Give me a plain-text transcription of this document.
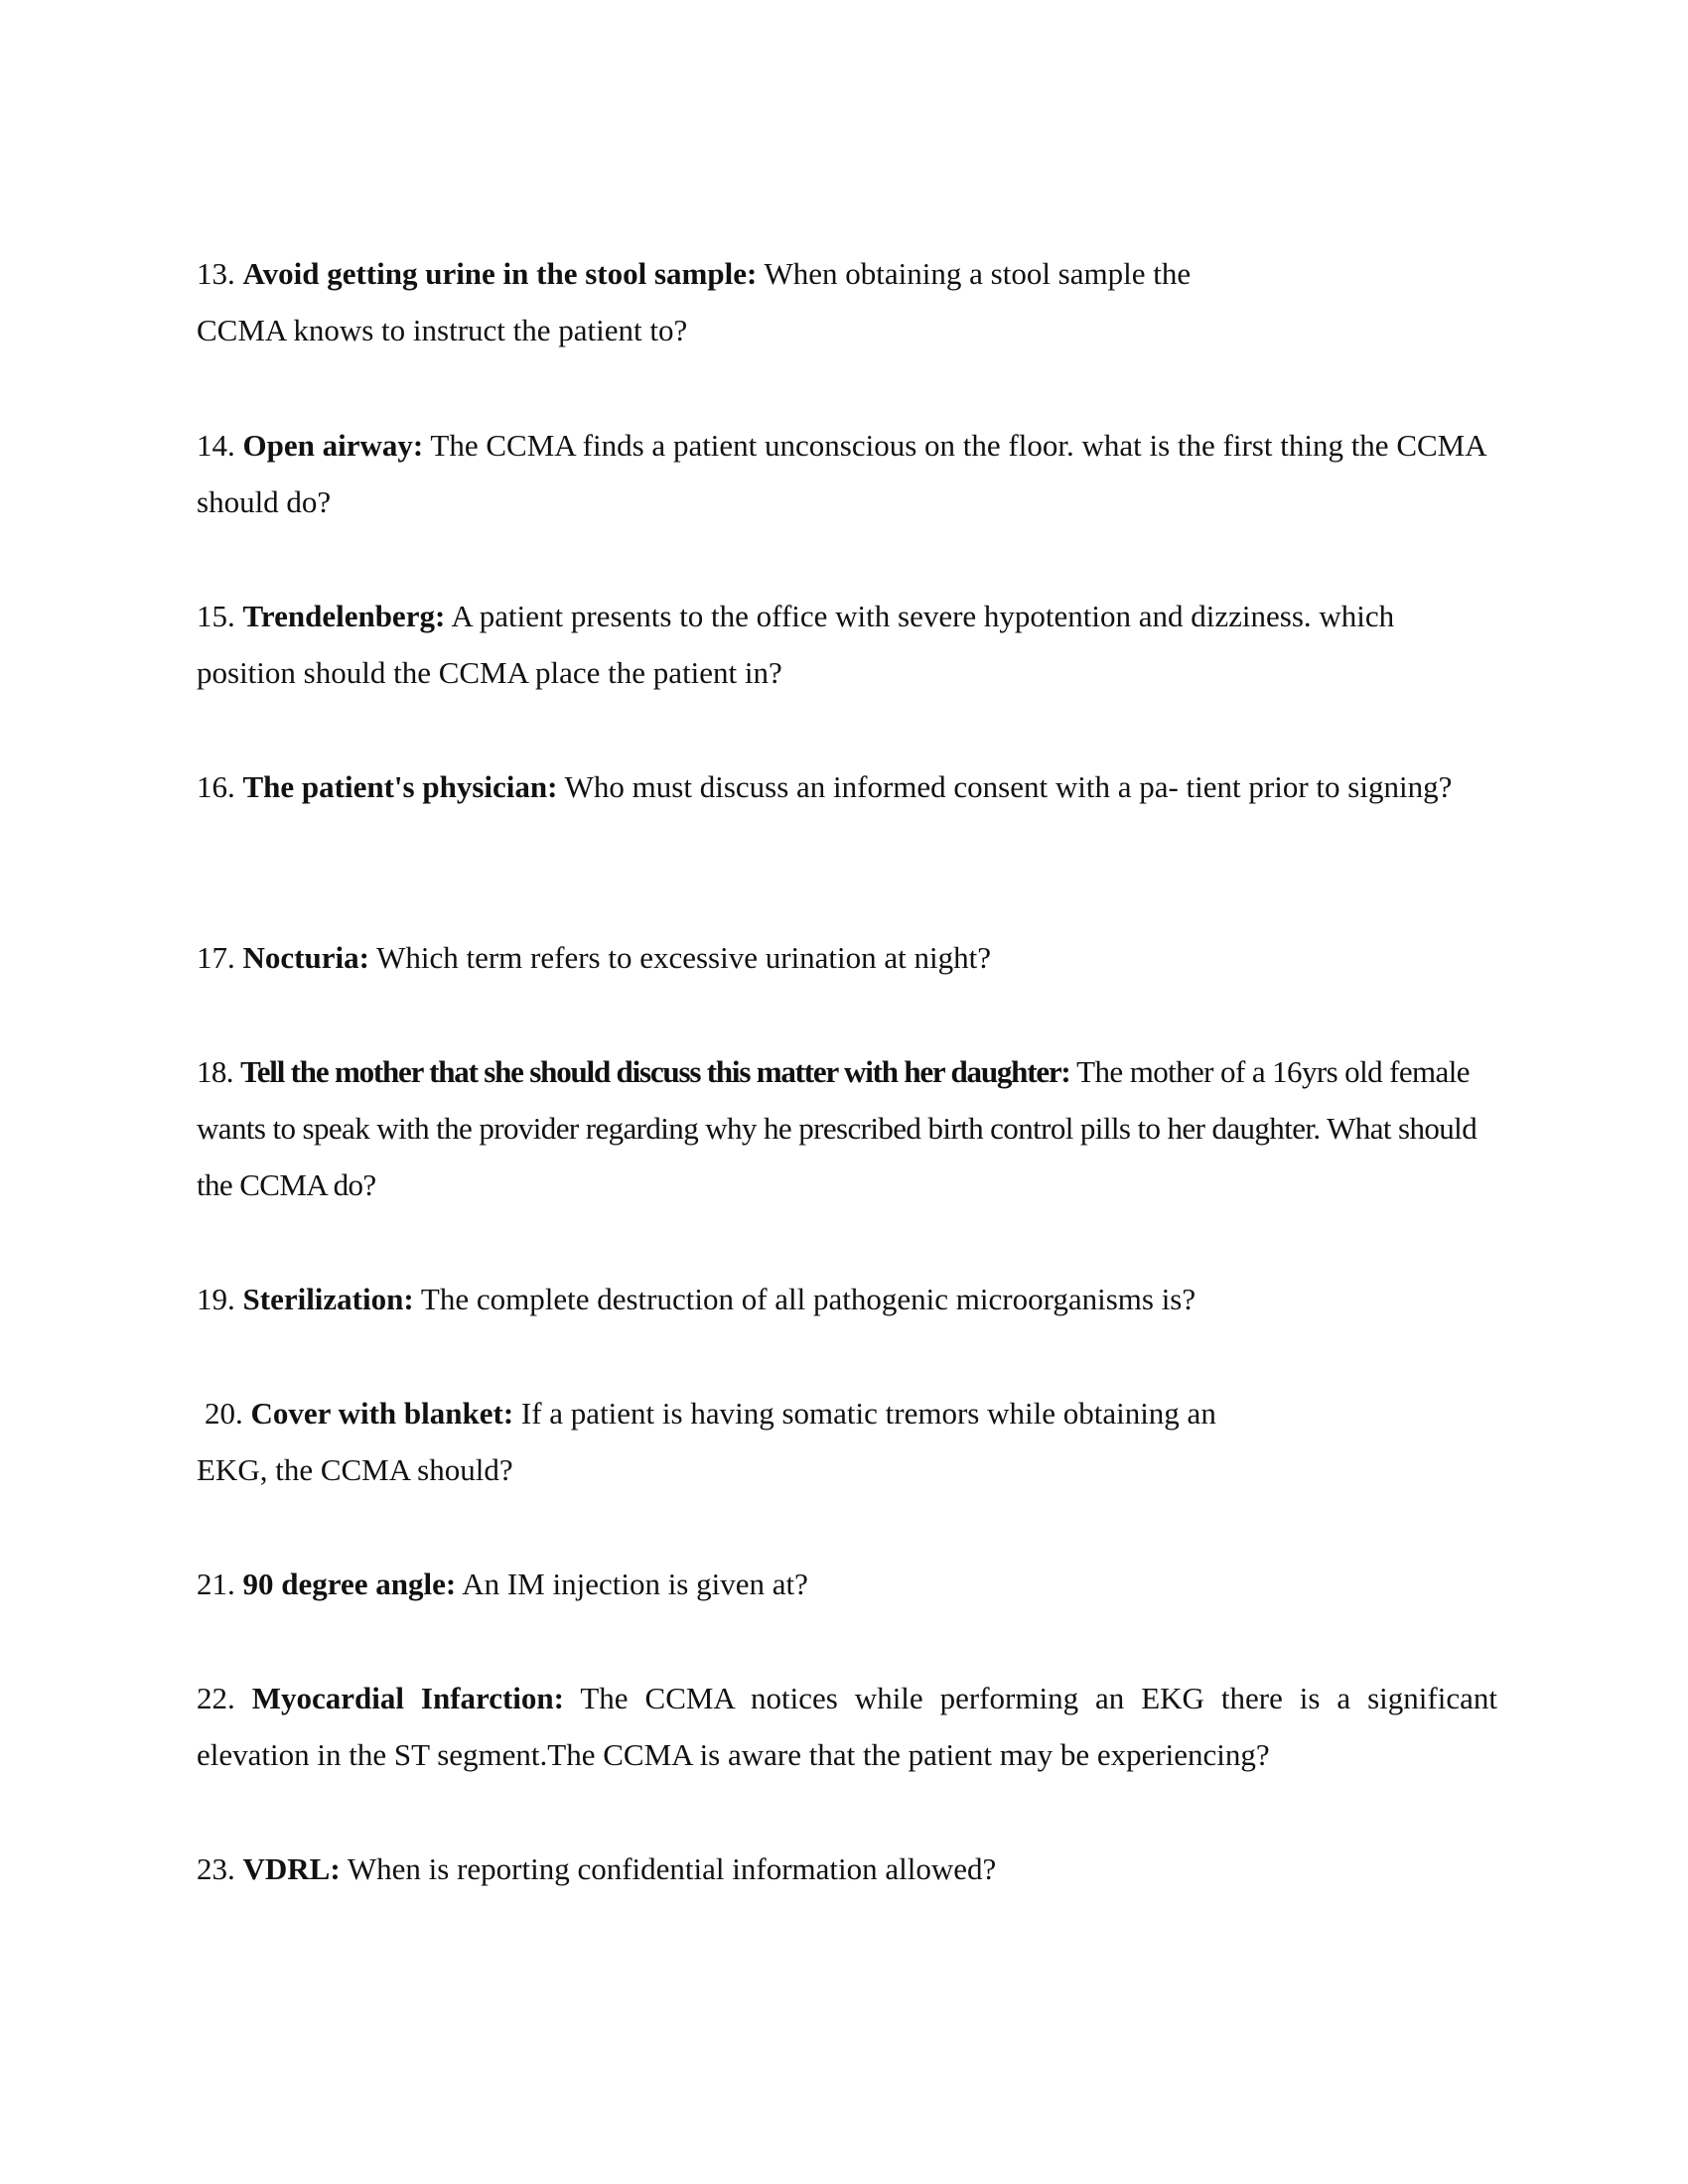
13. Avoid getting urine in the stool sample: When obtaining a stool sample the
CCMA knows to instruct the patient to?

14. Open airway: The CCMA finds a patient unconscious on the floor. what is the first thing the CCMA should do?

15. Trendelenberg: A patient presents to the office with severe hypotention and dizziness. which position should the CCMA place the patient in?

16. The patient's physician: Who must discuss an informed consent with a pa- tient prior to signing?

17. Nocturia: Which term refers to excessive urination at night?

18. Tell the mother that she should discuss this matter with her daughter: The mother of a 16yrs old female wants to speak with the provider regarding why he prescribed birth control pills to her daughter. What should the CCMA do?

19. Sterilization: The complete destruction of all pathogenic microorganisms is?

20. Cover with blanket: If a patient is having somatic tremors while obtaining an
EKG, the CCMA should?

21. 90 degree angle: An IM injection is given at?

22. Myocardial Infarction: The CCMA notices while performing an EKG there is a significant elevation in the ST segment.The CCMA is aware that the patient may be experiencing?

23. VDRL: When is reporting confidential information allowed?
